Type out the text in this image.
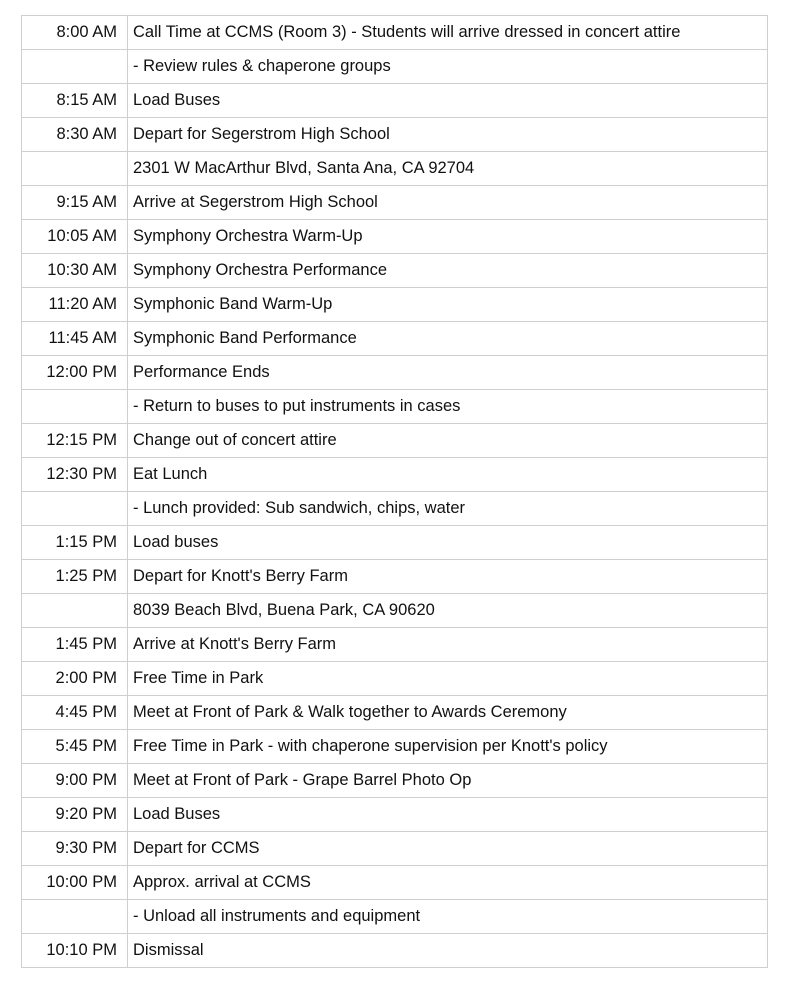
8:00 AM	Call Time at CCMS (Room 3) - Students will arrive dressed in concert attire
	- Review rules & chaperone groups
8:15 AM	Load Buses
8:30 AM	Depart for Segerstrom High School
	2301 W MacArthur Blvd, Santa Ana, CA 92704
9:15 AM	Arrive at Segerstrom High School
10:05 AM	Symphony Orchestra Warm-Up
10:30 AM	Symphony Orchestra Performance
11:20 AM	Symphonic Band Warm-Up
11:45 AM	Symphonic Band Performance
12:00 PM	Performance Ends
	- Return to buses to put instruments in cases
12:15 PM	Change out of concert attire
12:30 PM	Eat Lunch
	- Lunch provided: Sub sandwich, chips, water
1:15 PM	Load buses
1:25 PM	Depart for Knott's Berry Farm
	8039 Beach Blvd, Buena Park, CA 90620
1:45 PM	Arrive at Knott's Berry Farm
2:00 PM	Free Time in Park
4:45 PM	Meet at Front of Park & Walk together to Awards Ceremony
5:45 PM	Free Time in Park - with chaperone supervision per Knott's policy
9:00 PM	Meet at Front of Park - Grape Barrel Photo Op
9:20 PM	Load Buses
9:30 PM	Depart for CCMS
10:00 PM	Approx. arrival at CCMS
	- Unload all instruments and equipment
10:10 PM	Dismissal
